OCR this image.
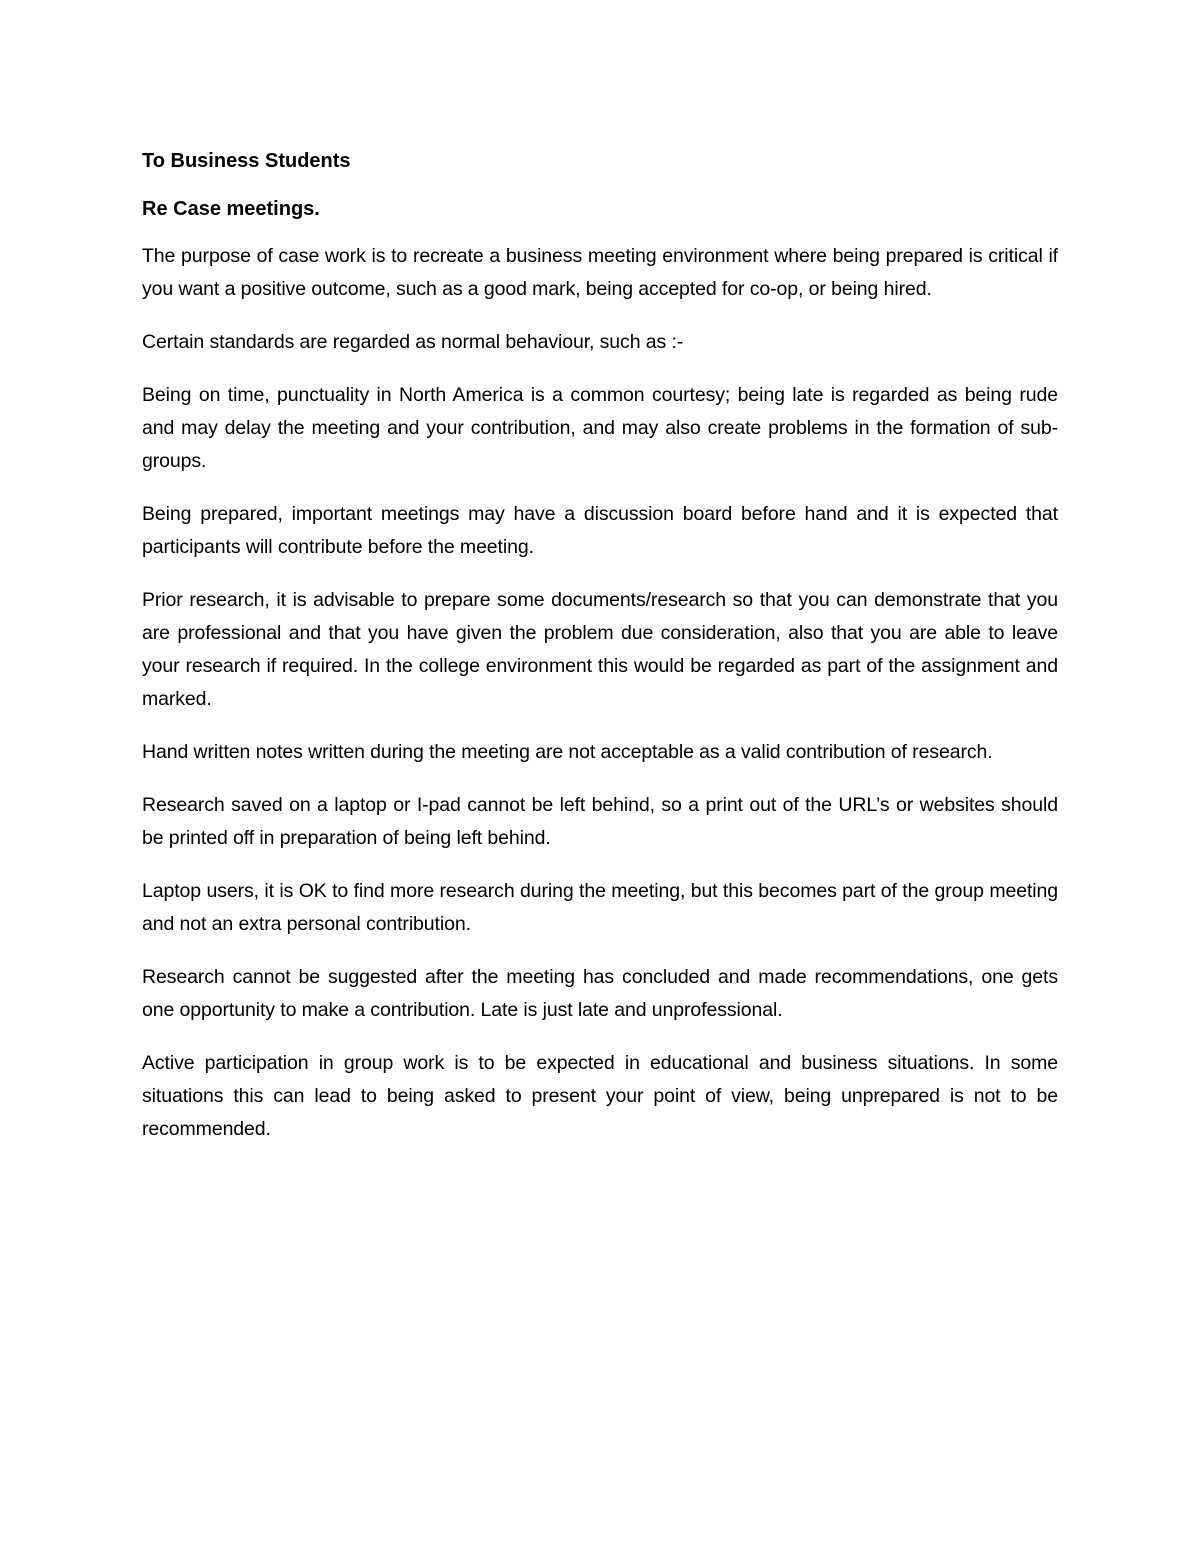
To Business Students

Re Case meetings.

The purpose of case work is to recreate a business meeting environment where being prepared is critical if you want a positive outcome, such as a good mark, being accepted for co-op, or being hired.

Certain standards are regarded as normal behaviour, such as :-

Being on time, punctuality in North America is a common courtesy; being late is regarded as being rude and may delay the meeting and your contribution, and may also create problems in the formation of sub-groups.

Being prepared, important meetings may have a discussion board before hand and it is expected that participants will contribute before the meeting.

Prior research, it is advisable to prepare some documents/research so that you can demonstrate that you are professional and that you have given the problem due consideration, also that you are able to leave your research if required. In the college environment this would be regarded as part of the assignment and marked.

Hand written notes written during the meeting are not acceptable as a valid contribution of research.

Research saved on a laptop or I-pad cannot be left behind, so a print out of the URL’s or websites should be printed off in preparation of being left behind.

Laptop users, it is OK to find more research during the meeting, but this becomes part of the group meeting and not an extra personal contribution.

Research cannot be suggested after the meeting has concluded and made recommendations, one gets one opportunity to make a contribution. Late is just late and unprofessional.

Active participation in group work is to be expected in educational and business situations. In some situations this can lead to being asked to present your point of view, being unprepared is not to be recommended.
